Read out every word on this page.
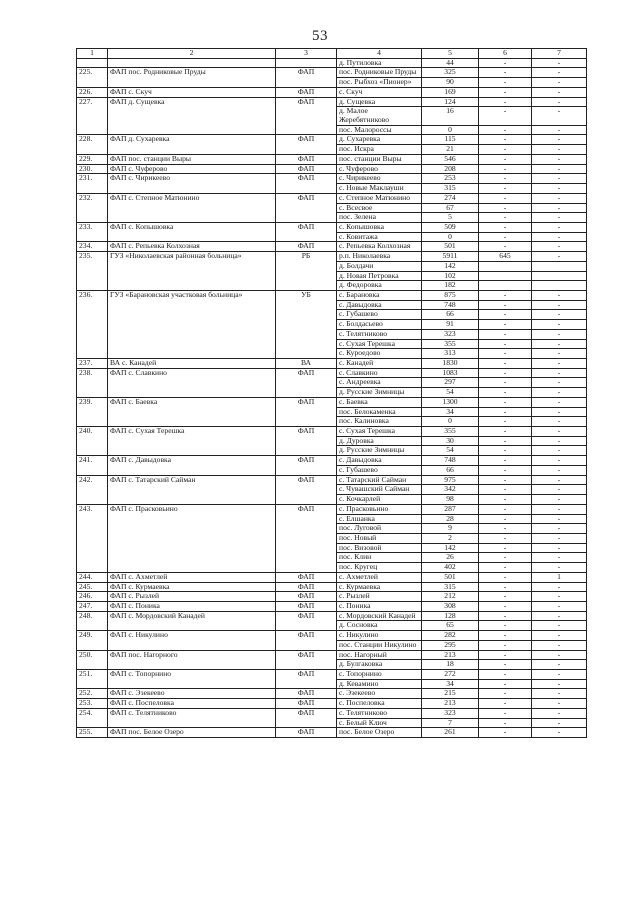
53
1	2	3	4	5	6	7
			д. Путиловка	44	-	-
225.	ФАП пос. Родниковые Пруды	ФАП	пос. Родниковые Пруды	325	-	-
			пос. Рыбхоз «Пионер»	90	-	-
226.	ФАП с. Скуч	ФАП	с. Скуч	169	-	-
227.	ФАП д. Сущевка	ФАП	д. Сущевка	124	-	-
			д. Малое Жеребятниково	16	-	-
			пос. Малороссы	0	-	-
228.	ФАП д. Сухаревка	ФАП	д. Сухаревка	115	-	-
			пос. Искра	21	-	-
229.	ФАП пос. станции Выры	ФАП	пос. станции Выры	546	-	-
230.	ФАП с. Чуферово	ФАП	с. Чуферово	208	-	-
231.	ФАП с. Чирикеево	ФАП	с. Чирикеево	253	-	-
			с. Новые Маклауши	315	-	-
232.	ФАП с. Степное Матюнино	ФАП	с. Степное Матюнино	274	-	-
			с. Всесвое	67	-	-
			пос. Зелена	5	-	-
233.	ФАП с. Копышовка	ФАП	с. Копышовка	509	-	-
			с. Ковитажа	0	-	-
234.	ФАП с. Репьевка Колхозная	ФАП	с. Репьевка Колхозная	501	-	-
235.	ГУЗ «Николаевская районная больница»	РБ	р.п. Николаевка	5911	645	-
			д. Болдачи	142		
			д. Новая Петровка	102		
			д. Федоровка	182		
236.	ГУЗ «Барановская участковая больница»	УБ	с. Барановка	875	-	-
			с. Давыдовка	748	-	-
			с. Губашево	66	-	-
			с. Болдасьево	91	-	-
			с. Телятниково	323	-	-
			с. Сухая Терешка	355	-	-
			с. Куроедово	313	-	-
237.	ВА с. Канадей	ВА	с. Канадей	1830	-	-
238.	ФАП с. Славкино	ФАП	с. Славкино	1083	-	-
			с. Андреевка	297	-	-
			д. Русские Зимницы	54	-	-
239.	ФАП с. Баевка	ФАП	с. Баевка	1300	-	-
			пос. Белокаменка	34	-	-
			пос. Калиновка	0	-	-
240.	ФАП с. Сухая Терешка	ФАП	с. Сухая Терешка	355	-	-
			д. Дуровка	30	-	-
			д. Русские Зимницы	54	-	-
241.	ФАП с. Давыдовка	ФАП	с. Давыдовка	748	-	-
			с. Губашево	66	-	-
242.	ФАП с. Татарский Сайман	ФАП	с. Татарский Сайман	975	-	-
			с. Чувашский Сайман	342	-	-
			с. Кочкарлей	98	-	-
243.	ФАП с. Прасковьино	ФАП	с. Прасковьино	287	-	-
			с. Елшанка	28	-	-
			пос. Луговой	9	-	-
			пос. Новый	2	-	-
			пос. Визовой	142	-	-
			пос. Клин	26	-	-
			пос. Кругец	402	-	-
244.	ФАП с. Ахметлей	ФАП	с. Ахметлей	501	-	1
245.	ФАП с. Курмаевка	ФАП	с. Курмаевка	315	-	-
246.	ФАП с. Рызлей	ФАП	с. Рызлей	212	-	-
247.	ФАП с. Поника	ФАП	с. Поника	308	-	-
248.	ФАП с. Мордовский Канадей	ФАП	с. Мордовский Канадей	128	-	-
			д. Сосновка	65	-	-
249.	ФАП с. Никулино	ФАП	с. Никулино	282	-	-
			пос. Станции Никулино	295	-	-
250.	ФАП пос. Нагорного	ФАП	пос. Нагорный	213	-	-
			д. Булгаковка	18	-	-
251.	ФАП с. Топорнино	ФАП	с. Топорнино	272	-	-
			д. Кевамино	34	-	-
252.	ФАП с. Эзекеево	ФАП	с. Эзекеево	215	-	-
253.	ФАП с. Поспеловка	ФАП	с. Поспеловка	213	-	-
254.	ФАП с. Телятниково	ФАП	с. Телятниково	323	-	-
			с. Белый Ключ	7	-	-
255.	ФАП пос. Белое Озеро	ФАП	пос. Белое Озеро	261	-	-
